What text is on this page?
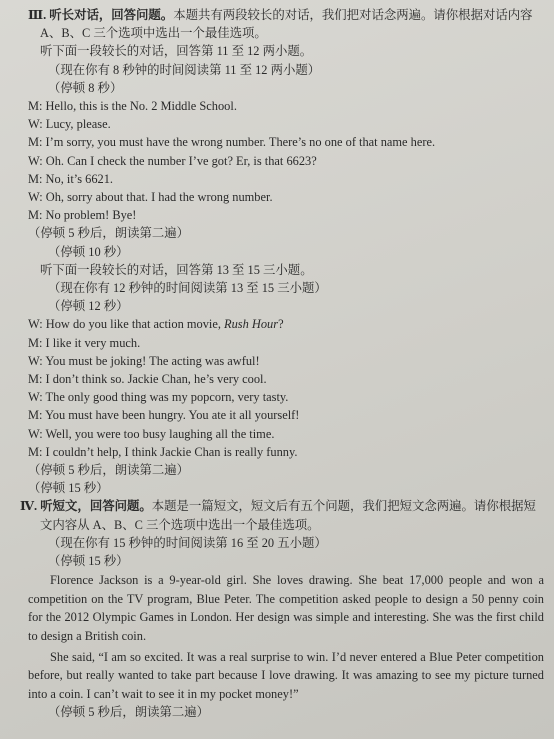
Ⅲ. 听长对话，回答问题。本题共有两段较长的对话，我们把对话念两遍。请你根据对话内容
A、B、C 三个选项中选出一个最佳选项。
听下面一段较长的对话，回答第 11 至 12 两小题。
（现在你有 8 秒钟的时间阅读第 11 至 12 两小题）
（停顿 8 秒）
M: Hello, this is the No. 2 Middle School.
W: Lucy, please.
M: I’m sorry, you must have the wrong number. There’s no one of that name here.
W: Oh. Can I check the number I’ve got? Er, is that 6623?
M: No, it’s 6621.
W: Oh, sorry about that. I had the wrong number.
M: No problem! Bye!
（停顿 5 秒后，朗读第二遍）
（停顿 10 秒）
听下面一段较长的对话，回答第 13 至 15 三小题。
（现在你有 12 秒钟的时间阅读第 13 至 15 三小题）
（停顿 12 秒）
W: How do you like that action movie, Rush Hour?
M: I like it very much.
W: You must be joking! The acting was awful!
M: I don’t think so. Jackie Chan, he’s very cool.
W: The only good thing was my popcorn, very tasty.
M: You must have been hungry. You ate it all yourself!
W: Well, you were too busy laughing all the time.
M: I couldn’t help, I think Jackie Chan is really funny.
（停顿 5 秒后，朗读第二遍）
（停顿 15 秒）
Ⅳ. 听短文，回答问题。本题是一篇短文，短文后有五个问题，我们把短文念两遍。请你根据短
文内容从 A、B、C 三个选项中选出一个最佳选项。
（现在你有 15 秒钟的时间阅读第 16 至 20 五小题）
（停顿 15 秒）

Florence Jackson is a 9-year-old girl. She loves drawing. She beat 17,000 people and won a competition on the TV program, Blue Peter. The competition asked people to design a 50 penny coin for the 2012 Olympic Games in London. Her design was simple and interesting. She was the first child to design a British coin.

She said, “I am so excited. It was a real surprise to win. I’d never entered a Blue Peter competition before, but really wanted to take part because I love drawing. It was amazing to see my picture turned into a coin. I can’t wait to see it in my pocket money!”

（停顿 5 秒后，朗读第二遍）
